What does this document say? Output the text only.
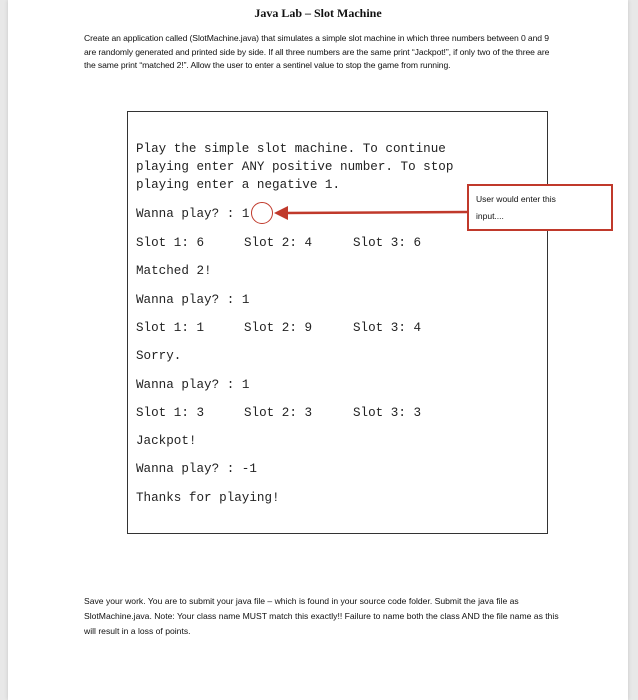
Java Lab – Slot Machine
Create an application called (SlotMachine.java) that simulates a simple slot machine in which three numbers between 0 and 9 are randomly generated and printed side by side. If all three numbers are the same print “Jackpot!”, if only two of the three are the same print “matched 2!”. Allow the user to enter a sentinel value to stop the game from running.
Play the simple slot machine. To continue
playing enter ANY positive number. To stop
playing enter a negative 1.
Wanna play? : 1
Slot 1: 6	Slot 2: 4	Slot 3: 6
Matched 2!
Wanna play? : 1
Slot 1: 1	Slot 2: 9	Slot 3: 4
Sorry.
Wanna play? : 1
Slot 1: 3	Slot 2: 3	Slot 3: 3
Jackpot!
Wanna play? : -1
Thanks for playing!
User would enter this
input....
Save your work. You are to submit your java file – which is found in your source code folder. Submit the java file as SlotMachine.java. Note: Your class name MUST match this exactly!! Failure to name both the class AND the file name as this will result in a loss of points.
